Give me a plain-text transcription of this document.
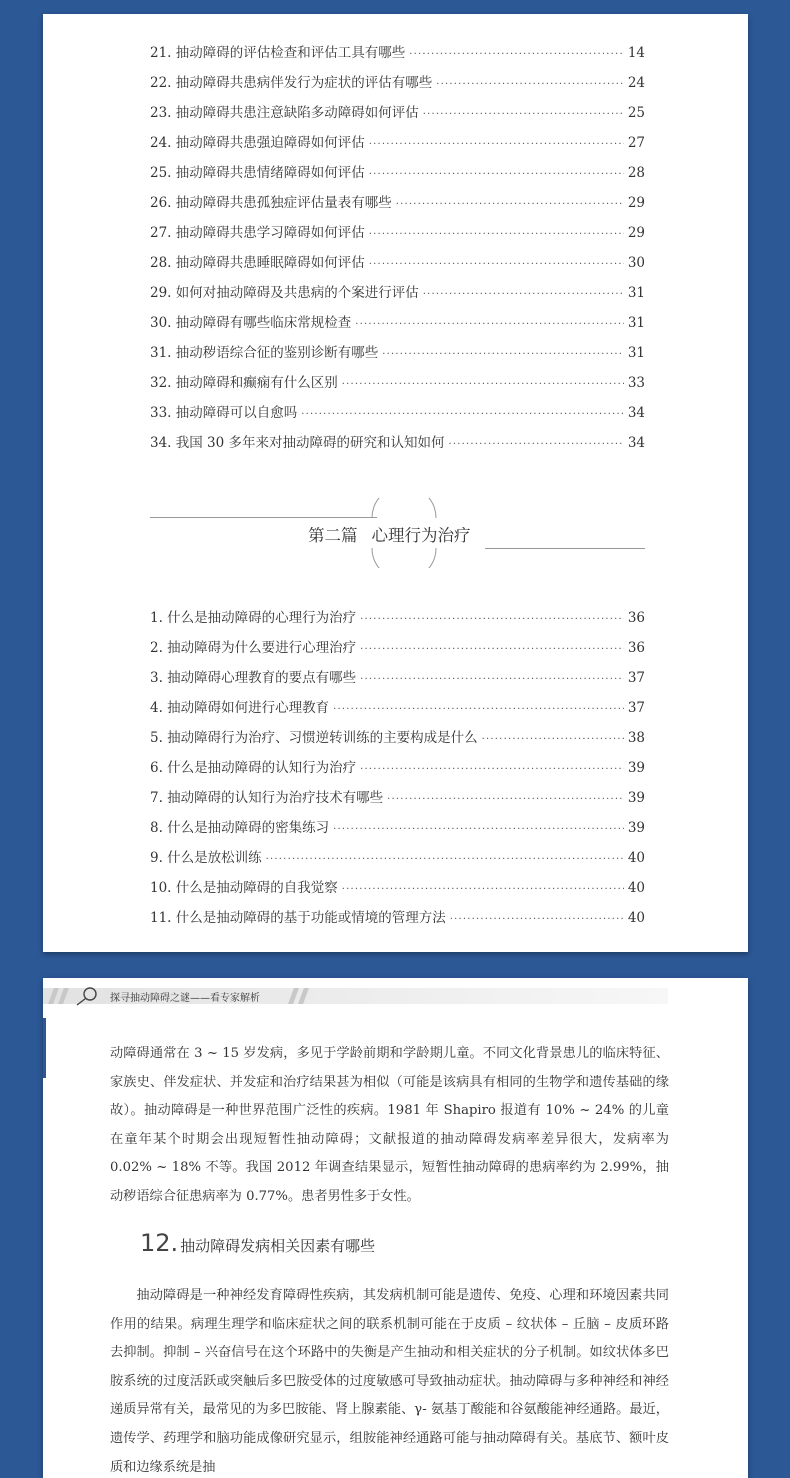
21. 抽动障碍的评估检查和评估工具有哪些 ·····	14
22. 抽动障碍共患病伴发行为症状的评估有哪些 ·····	24
23. 抽动障碍共患注意缺陷多动障碍如何评估 ·····	25
24. 抽动障碍共患强迫障碍如何评估 ·····	27
25. 抽动障碍共患情绪障碍如何评估 ·····	28
26. 抽动障碍共患孤独症评估量表有哪些 ·····	29
27. 抽动障碍共患学习障碍如何评估 ·····	29
28. 抽动障碍共患睡眠障碍如何评估 ·····	30
29. 如何对抽动障碍及共患病的个案进行评估 ·····	31
30. 抽动障碍有哪些临床常规检查 ·····	31
31. 抽动秽语综合征的鉴别诊断有哪些 ·····	31
32. 抽动障碍和癫痫有什么区别 ·····	33
33. 抽动障碍可以自愈吗 ·····	34
34. 我国 30 多年来对抽动障碍的研究和认知如何 ·····	34
第二篇 心理行为治疗
1. 什么是抽动障碍的心理行为治疗 ·····	36
2. 抽动障碍为什么要进行心理治疗 ·····	36
3. 抽动障碍心理教育的要点有哪些 ·····	37
4. 抽动障碍如何进行心理教育 ·····	37
5. 抽动障碍行为治疗、习惯逆转训练的主要构成是什么 ·····	38
6. 什么是抽动障碍的认知行为治疗 ·····	39
7. 抽动障碍的认知行为治疗技术有哪些 ·····	39
8. 什么是抽动障碍的密集练习 ·····	39
9. 什么是放松训练 ·····	40
10. 什么是抽动障碍的自我觉察 ·····	40
11. 什么是抽动障碍的基于功能或情境的管理方法 ·····	40
探寻抽动障碍之谜——看专家解析

动障碍通常在 3 ~ 15 岁发病，多见于学龄前期和学龄期儿童。不同文化背景患儿的临床特征、家族史、伴发症状、并发症和治疗结果甚为相似（可能是该病具有相同的生物学和遗传基础的缘故）。抽动障碍是一种世界范围广泛性的疾病。1981 年 Shapiro 报道有 10% ~ 24% 的儿童在童年某个时期会出现短暂性抽动障碍；文献报道的抽动障碍发病率差异很大，发病率为 0.02% ~ 18% 不等。我国 2012 年调查结果显示，短暂性抽动障碍的患病率约为 2.99%，抽动秽语综合征患病率为 0.77%。患者男性多于女性。

12. 抽动障碍发病相关因素有哪些

抽动障碍是一种神经发育障碍性疾病，其发病机制可能是遗传、免疫、心理和环境因素共同作用的结果。病理生理学和临床症状之间的联系机制可能在于皮质 – 纹状体 – 丘脑 – 皮质环路去抑制。抑制 – 兴奋信号在这个环路中的失衡是产生抽动和相关症状的分子机制。如纹状体多巴胺系统的过度活跃或突触后多巴胺受体的过度敏感可导致抽动症状。抽动障碍与多种神经和神经递质异常有关，最常见的为多巴胺能、肾上腺素能、γ- 氨基丁酸能和谷氨酸能神经通路。最近，遗传学、药理学和脑功能成像研究显示，组胺能神经通路可能与抽动障碍有关。基底节、额叶皮质和边缘系统是抽
